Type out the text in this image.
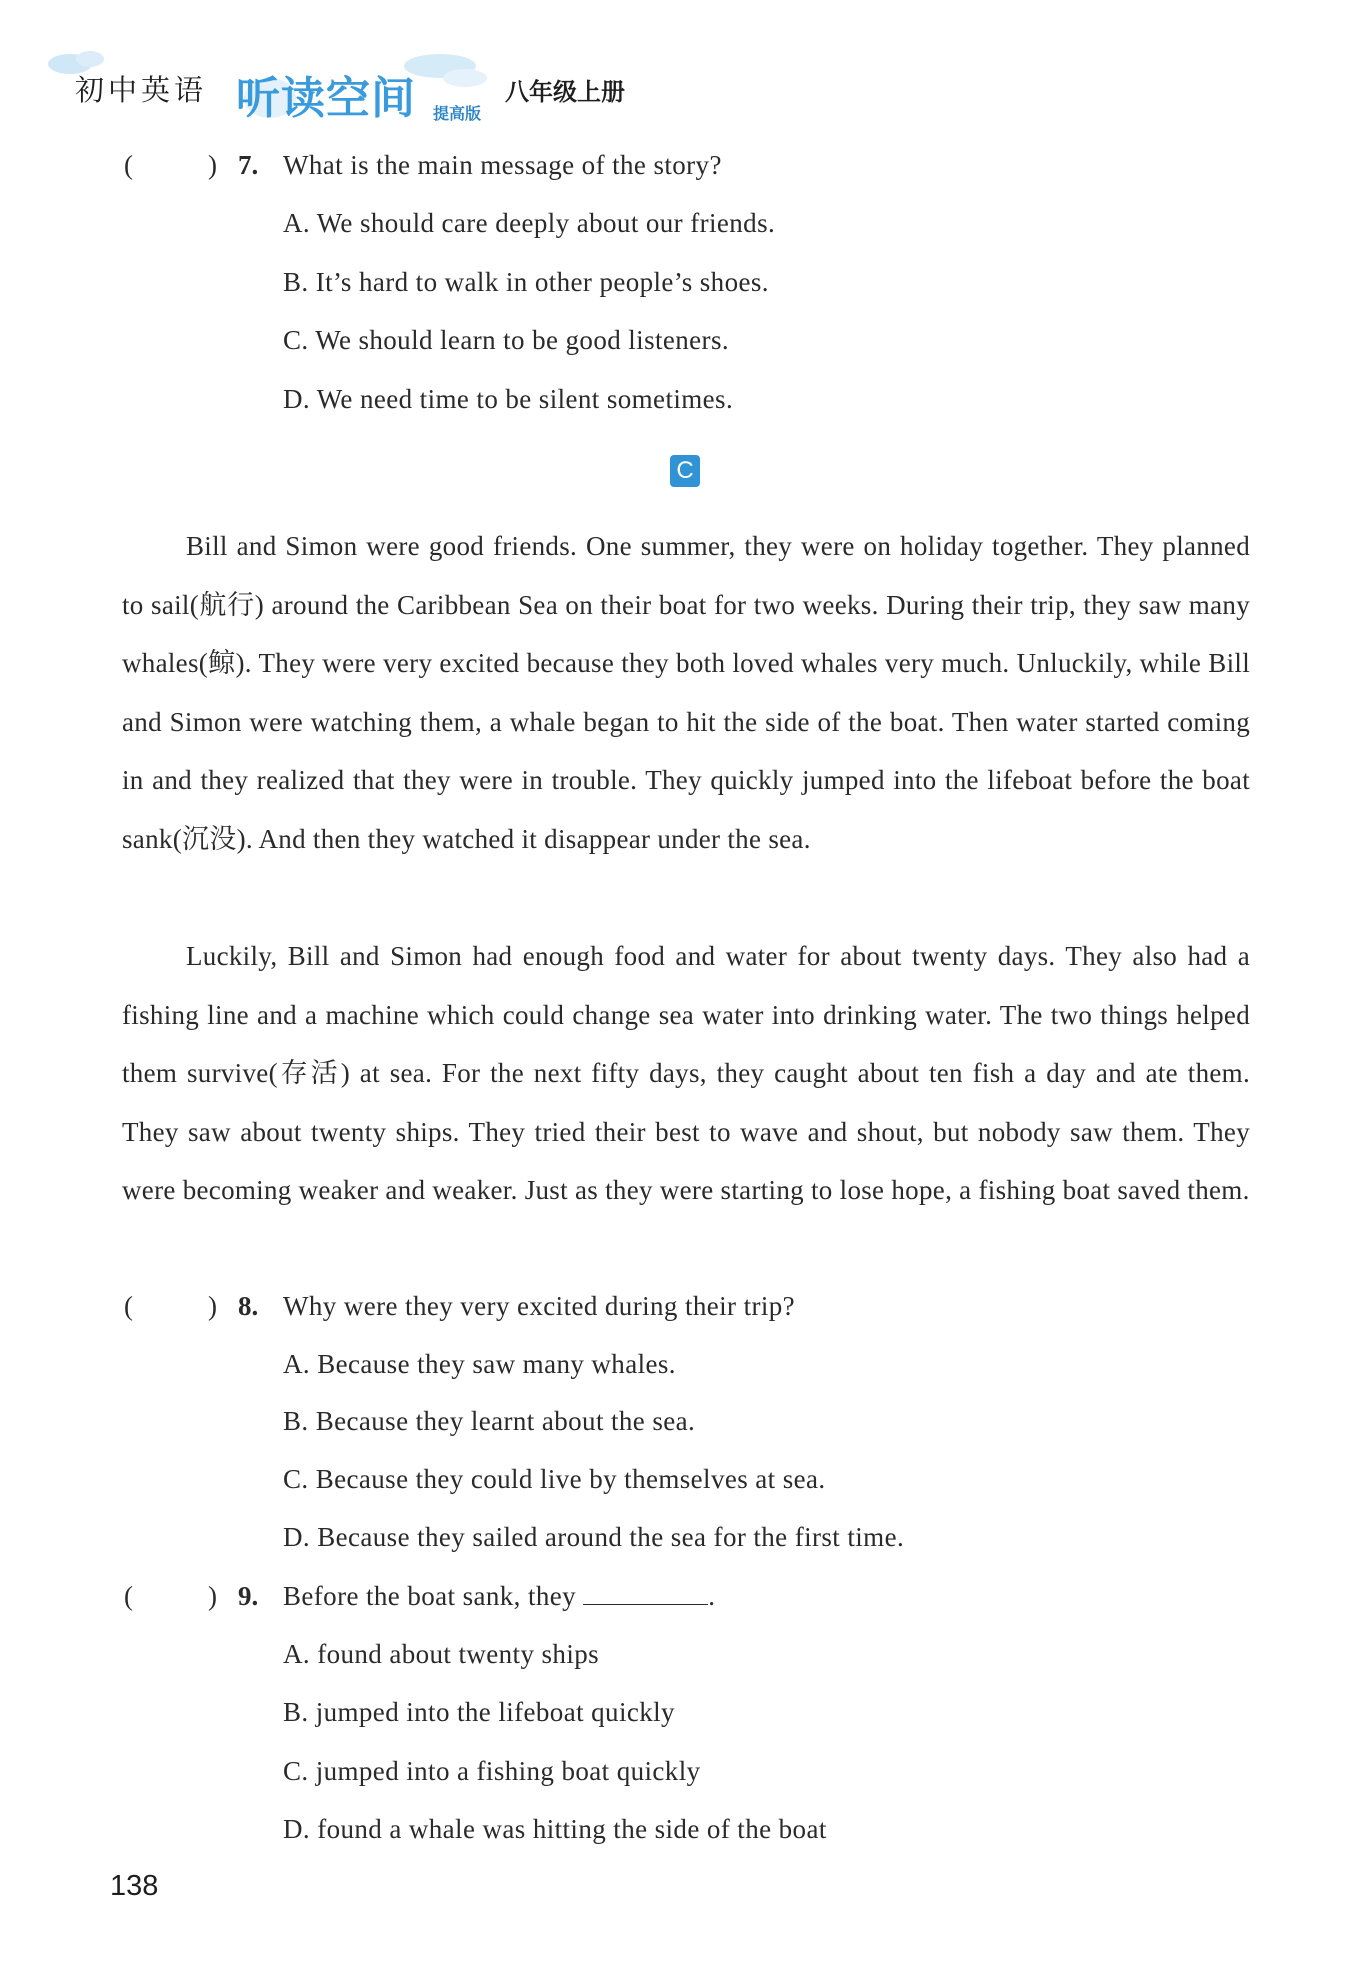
初中英语 听读空间 提高版
八年级上册
(	) 7. What is the main message of the story?
A. We should care deeply about our friends.
B. It’s hard to walk in other people’s shoes.
C. We should learn to be good listeners.
D. We need time to be silent sometimes.
C
Bill and Simon were good friends. One summer, they were on holiday together. They planned to sail(航行) around the Caribbean Sea on their boat for two weeks. During their trip, they saw many whales(鲸). They were very excited because they both loved whales very much. Unluckily, while Bill and Simon were watching them, a whale began to hit the side of the boat. Then water started coming in and they realized that they were in trouble. They quickly jumped into the lifeboat before the boat sank(沉没). And then they watched it disappear under the sea.
Luckily, Bill and Simon had enough food and water for about twenty days. They also had a fishing line and a machine which could change sea water into drinking water. The two things helped them survive(存活) at sea. For the next fifty days, they caught about ten fish a day and ate them. They saw about twenty ships. They tried their best to wave and shout, but nobody saw them. They were becoming weaker and weaker. Just as they were starting to lose hope, a fishing boat saved them.
(	) 8. Why were they very excited during their trip?
A. Because they saw many whales.
B. Because they learnt about the sea.
C. Because they could live by themselves at sea.
D. Because they sailed around the sea for the first time.
(	) 9. Before the boat sank, they	.
A. found about twenty ships
B. jumped into the lifeboat quickly
C. jumped into a fishing boat quickly
D. found a whale was hitting the side of the boat
138
